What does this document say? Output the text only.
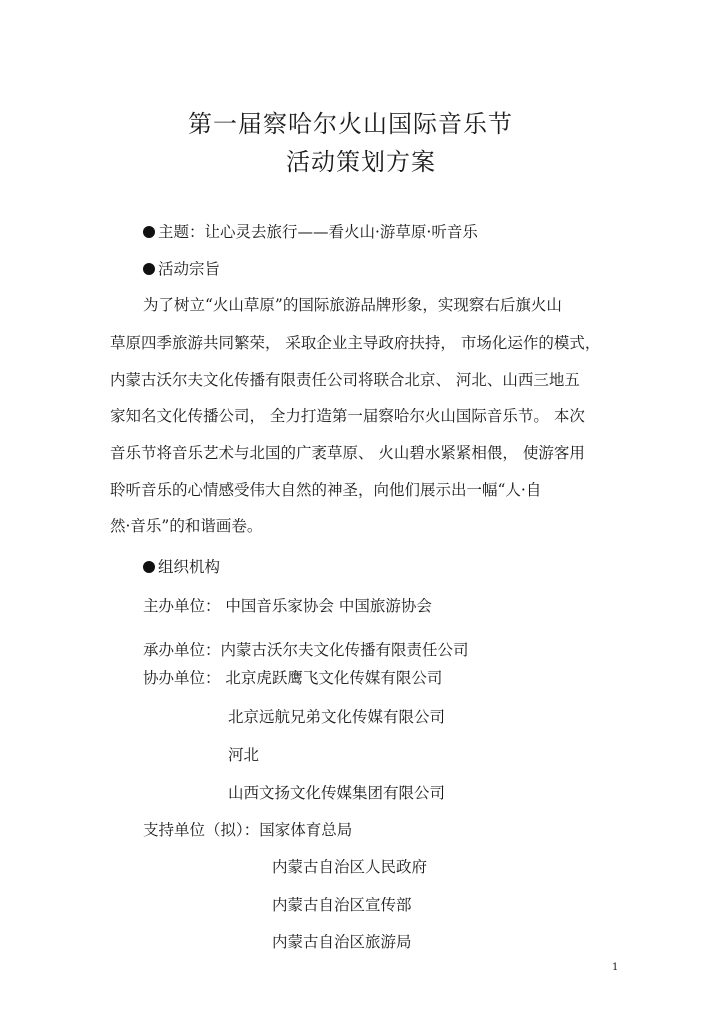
第一届察哈尔火山国际音乐节
活动策划方案
主题：让心灵去旅行——看火山·游草原·听音乐
活动宗旨
为了树立“火山草原”的国际旅游品牌形象，实现察右后旗火山
草原四季旅游共同繁荣， 采取企业主导政府扶持， 市场化运作的模式，
内蒙古沃尔夫文化传播有限责任公司将联合北京、 河北、山西三地五
家知名文化传播公司， 全力打造第一届察哈尔火山国际音乐节。 本次
音乐节将音乐艺术与北国的广袤草原、 火山碧水紧紧相偎， 使游客用
聆听音乐的心情感受伟大自然的神圣，向他们展示出一幅“人·自
然·音乐”的和谐画卷。
组织机构
主办单位： 中国音乐家协会 中国旅游协会
承办单位：内蒙古沃尔夫文化传播有限责任公司
协办单位： 北京虎跃鹰飞文化传媒有限公司
北京远航兄弟文化传媒有限公司
河北
山西文扬文化传媒集团有限公司
支持单位（拟）：国家体育总局
内蒙古自治区人民政府
内蒙古自治区宣传部
内蒙古自治区旅游局
1
